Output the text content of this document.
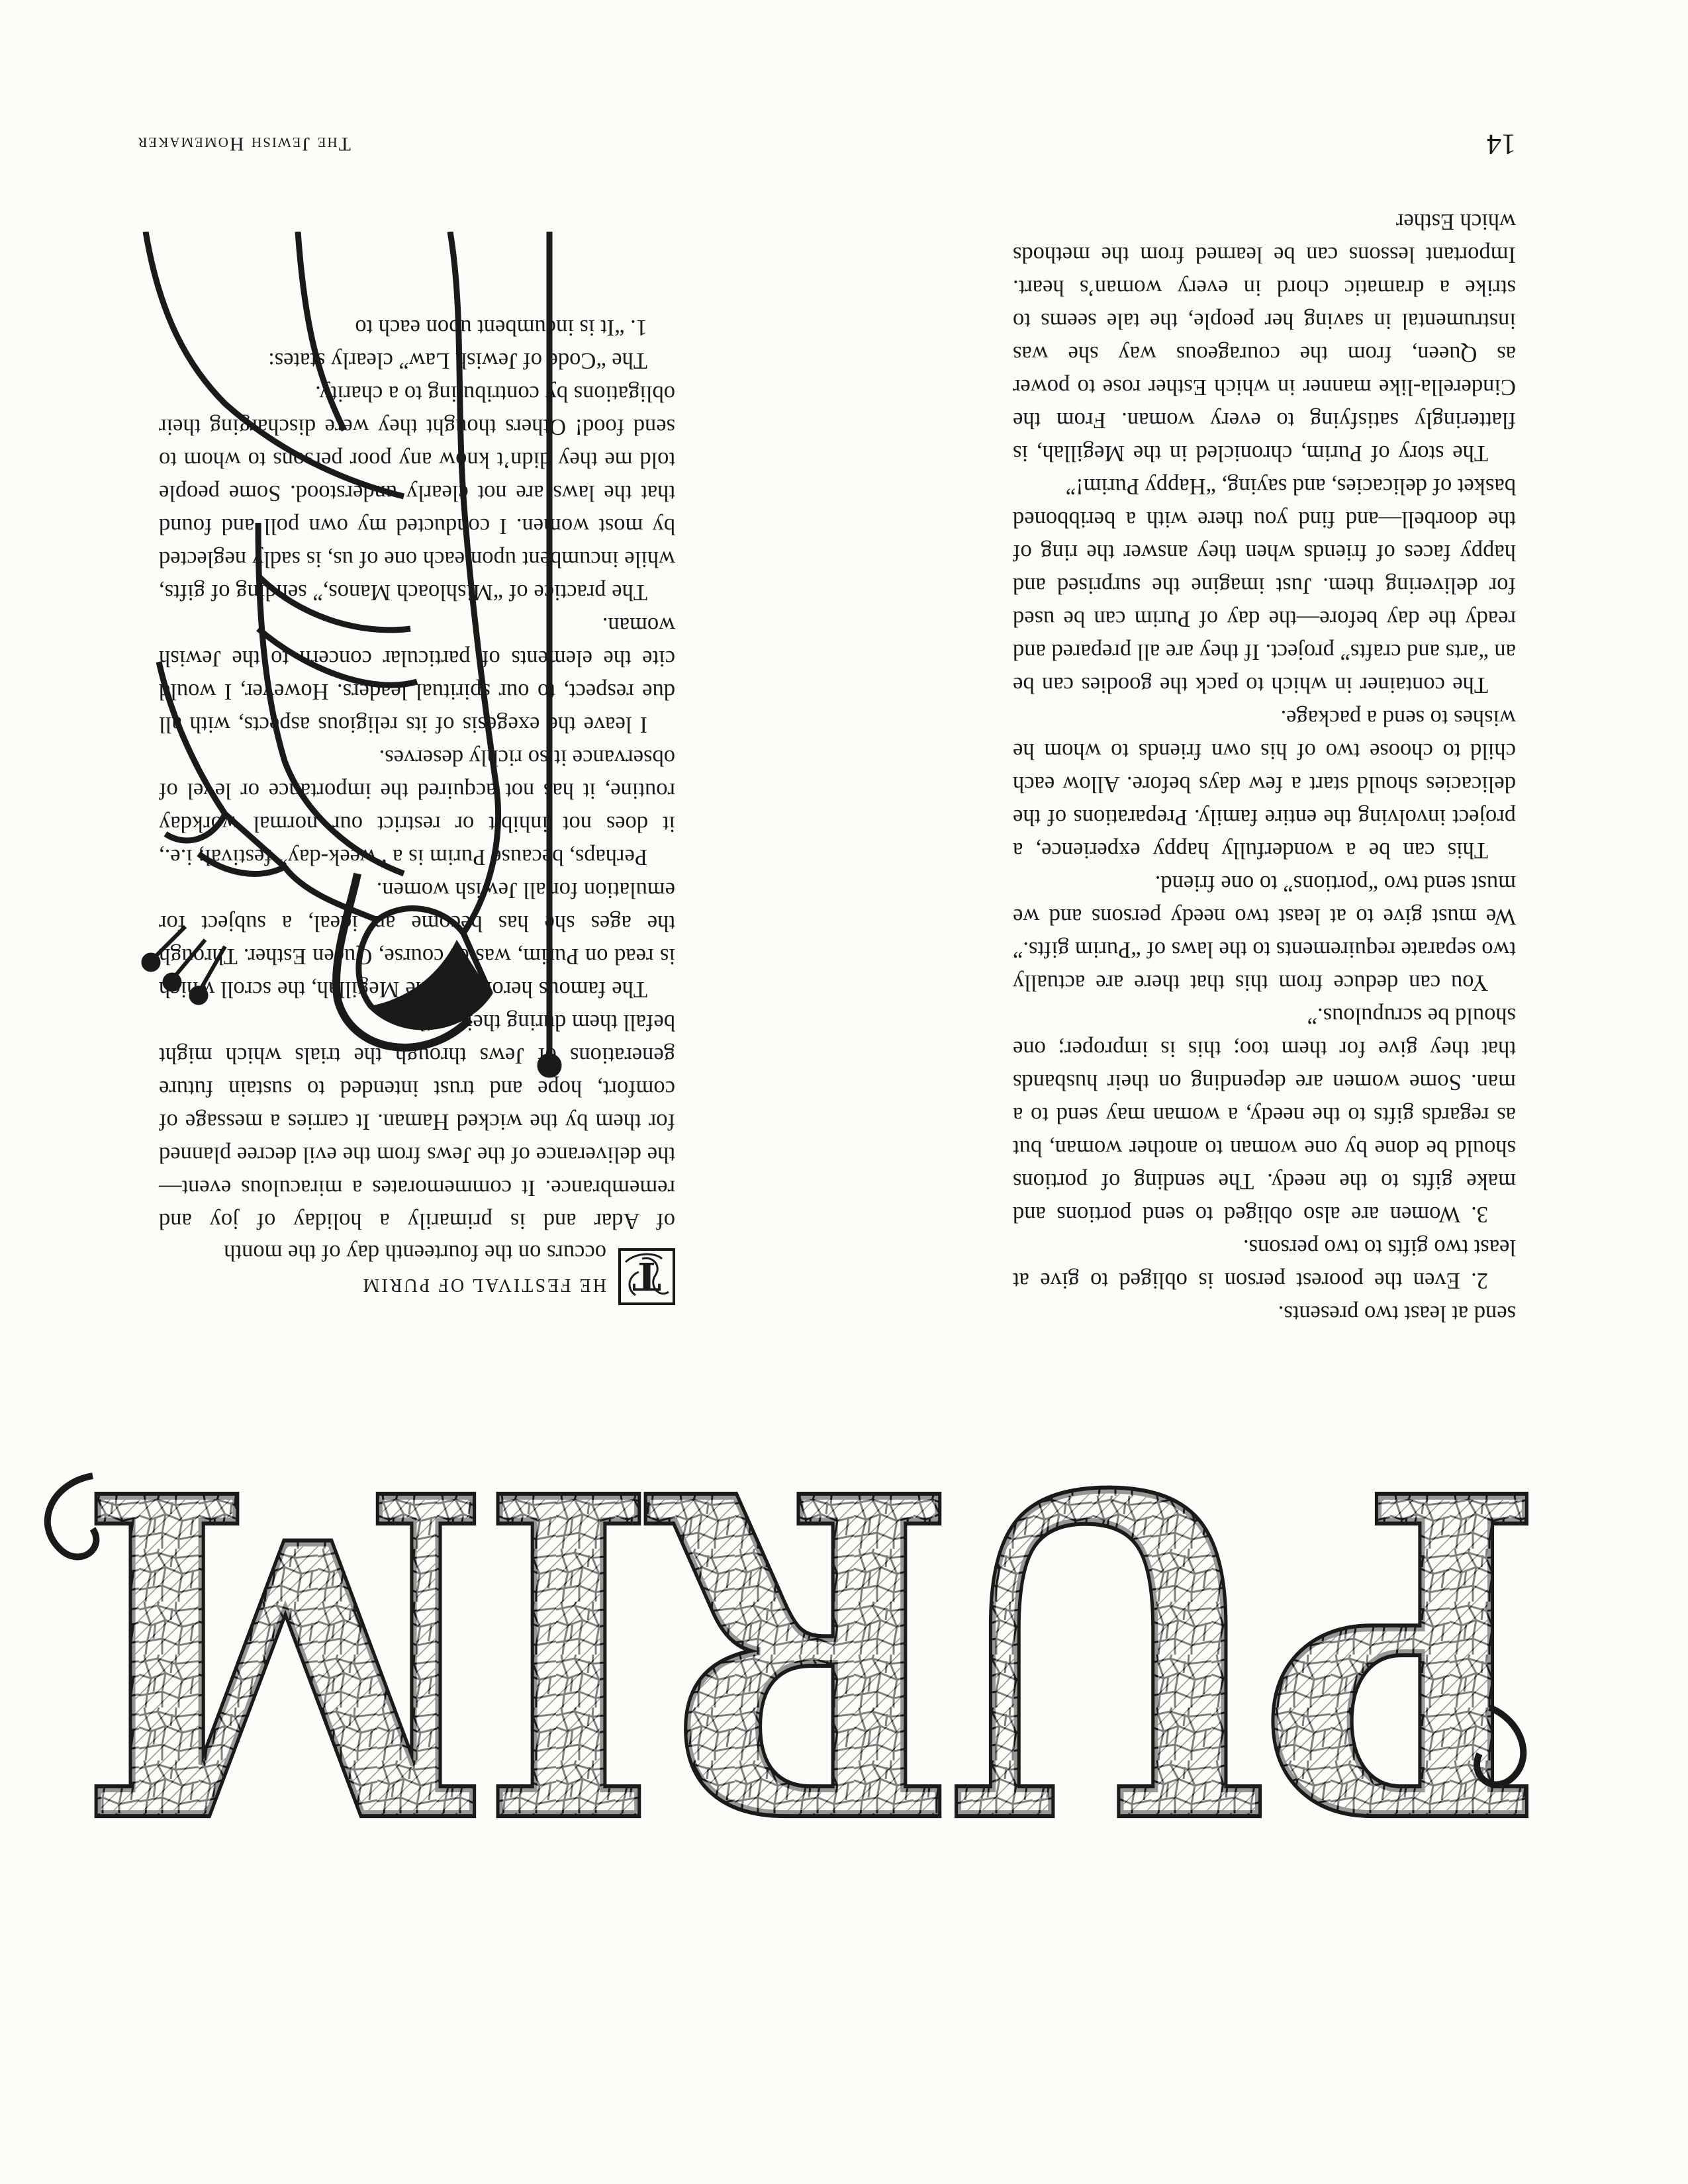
PURIM
PURIM
T
HE FESTIVAL OF PURIM
occurs on the fourteenth day of the month

of Adar and is primarily a holiday of joy and remembrance. It commemorates a miraculous event—the deliverance of the Jews from the evil decree planned for them by the wicked Haman. It carries a message of comfort, hope and trust intended to sustain future generations of Jews through the trials which might befall them during their exile.

The famous heroine of the Megillah, the scroll which is read on Purim, was of course, Queen Esther. Through the ages she has become an ideal, a subject for emulation for all Jewish women.

Perhaps, because Purim is a “week-day” festival; i.e., it does not inhibit or restrict our normal workday routine, it has not acquired the importance or level of observance it so richly deserves.

I leave the exegesis of its religious aspects, with all due respect, to our spiritual leaders. However, I would cite the elements of particular concern to the Jewish woman.

The practice of “Mishloach Manos,” sending of gifts, while incumbent upon each one of us, is sadly neglected by most women. I conducted my own poll and found that the laws are not clearly understood. Some people told me they didn’t know any poor persons to whom to send food! Others thought they were discharging their obligations by contributing to a charity.

The “Code of Jewish Law” clearly states:

1. “It is incumbent upon each to

send at least two presents.

2. Even the poorest person is obliged to give at least two gifts to two persons.

3. Women are also obliged to send portions and make gifts to the needy. The sending of portions should be done by one woman to another woman, but as regards gifts to the needy, a woman may send to a man. Some women are depending on their husbands that they give for them too; this is improper; one should be scrupulous.”

You can deduce from this that there are actually two separate requirements to the laws of “Purim gifts.” We must give to at least two needy persons and we must send two “portions” to one friend.

This can be a wonderfully happy experience, a project involving the entire family. Preparations of the delicacies should start a few days before. Allow each child to choose two of his own friends to whom he wishes to send a package.

The container in which to pack the goodies can be an “arts and crafts” project. If they are all prepared and ready the day before—the day of Purim can be used for delivering them. Just imagine the surprised and happy faces of friends when they answer the ring of the doorbell—and find you there with a beribboned basket of delicacies, and saying, “Happy Purim!”

The story of Purim, chronicled in the Megillah, is flatteringly satisfying to every woman. From the Cinderella-like manner in which Esther rose to power as Queen, from the courageous way she was instrumental in saving her people, the tale seems to strike a dramatic chord in every woman’s heart. Important lessons can be learned from the methods which Esther

14
The Jewish Homemaker
